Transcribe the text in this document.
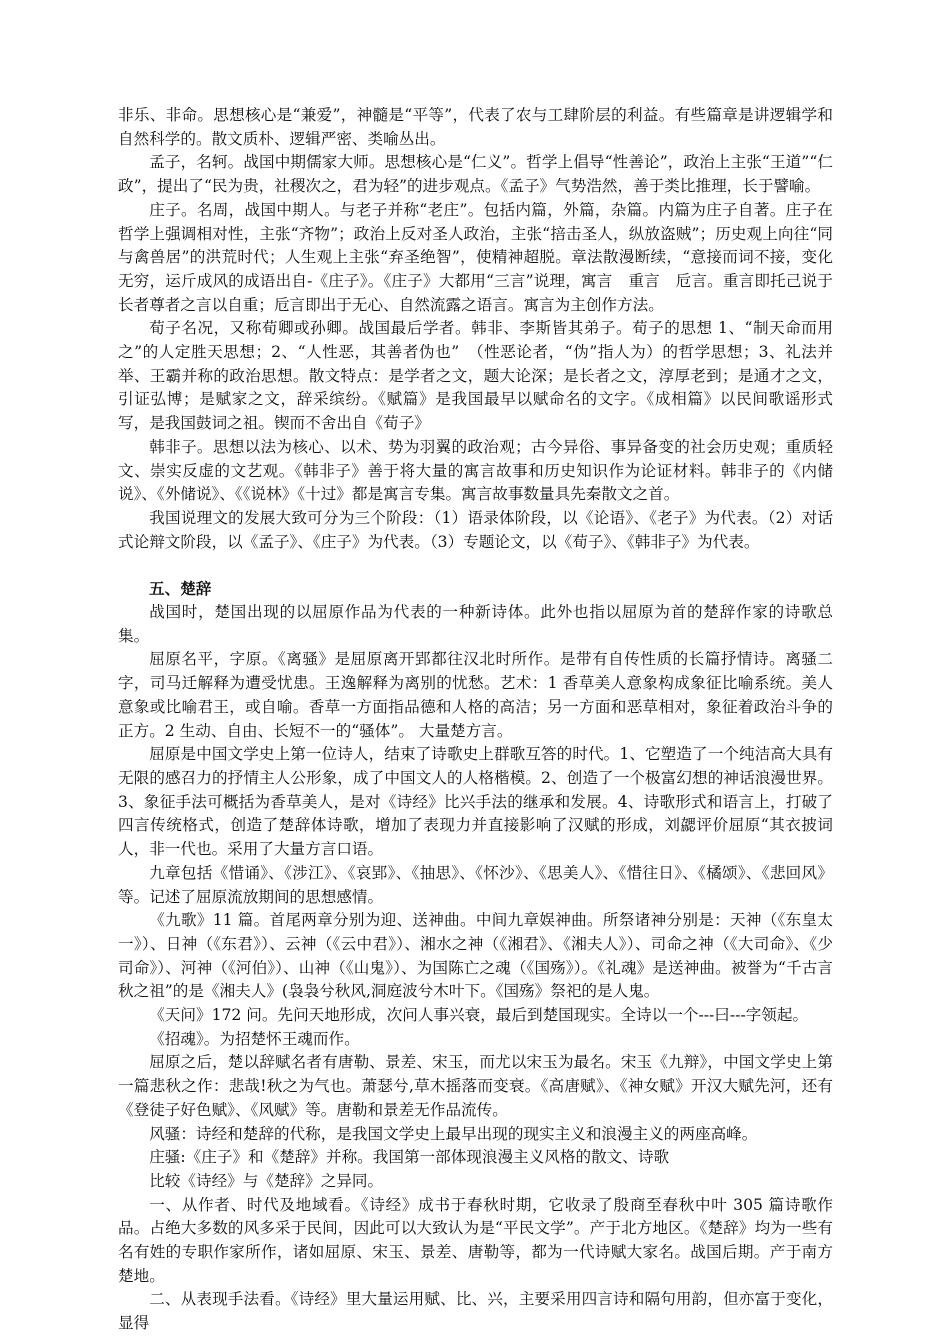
非乐、非命。思想核心是“兼爱”，神髓是“平等”，代表了农与工肆阶层的利益。有些篇章是讲逻辑学和自然科学的。散文质朴、逻辑严密、类喻丛出。

孟子，名轲。战国中期儒家大师。思想核心是“仁义”。哲学上倡导“性善论”，政治上主张“王道”“仁政”，提出了“民为贵，社稷次之，君为轻”的进步观点。《孟子》气势浩然，善于类比推理，长于譬喻。

庄子。名周，战国中期人。与老子并称“老庄”。包括内篇，外篇，杂篇。内篇为庄子自著。庄子在哲学上强调相对性，主张“齐物”；政治上反对圣人政治，主张“掊击圣人，纵放盗贼”；历史观上向往“同与禽兽居”的洪荒时代；人生观上主张“弃圣绝智”，使精神超脱。章法散漫断续，“意接而词不接，变化无穷，运斤成风的成语出自-《庄子》。《庄子》大都用“三言”说理，寓言　重言　卮言。重言即托己说于长者尊者之言以自重；卮言即出于无心、自然流露之语言。寓言为主创作方法。

荀子名况，又称荀卿或孙卿。战国最后学者。韩非、李斯皆其弟子。荀子的思想 1、“制天命而用之”的人定胜天思想；2、“人性恶，其善者伪也”　（性恶论者，“伪”指人为）的哲学思想；3、礼法并举、王霸并称的政治思想。散文特点：是学者之文，题大论深；是长者之文，淳厚老到；是通才之文，引证弘博；是赋家之文，辞采缤纷。《赋篇》是我国最早以赋命名的文字。《成相篇》以民间歌谣形式写，是我国鼓词之祖。锲而不舍出自《荀子》

韩非子。思想以法为核心、以术、势为羽翼的政治观；古今异俗、事异备变的社会历史观；重质轻文、崇实反虚的文艺观。《韩非子》善于将大量的寓言故事和历史知识作为论证材料。韩非子的《内储说》、《外储说》、《《说林》《十过》都是寓言专集。寓言故事数量具先秦散文之首。

我国说理文的发展大致可分为三个阶段：（1）语录体阶段，以《论语》、《老子》为代表。（2）对话式论辩文阶段，以《孟子》、《庄子》为代表。（3）专题论文，以《荀子》、《韩非子》为代表。

五、楚辞

战国时，楚国出现的以屈原作品为代表的一种新诗体。此外也指以屈原为首的楚辞作家的诗歌总集。

屈原名平，字原。《离骚》是屈原离开郢都往汉北时所作。是带有自传性质的长篇抒情诗。离骚二字，司马迁解释为遭受忧患。王逸解释为离别的忧愁。艺术：1 香草美人意象构成象征比喻系统。美人意象或比喻君王，或自喻。香草一方面指品德和人格的高洁；另一方面和恶草相对，象征着政治斗争的正方。2 生动、自由、长短不一的“骚体”。 大量楚方言。

屈原是中国文学史上第一位诗人，结束了诗歌史上群歌互答的时代。1、它塑造了一个纯洁高大具有无限的感召力的抒情主人公形象，成了中国文人的人格楷模。2、创造了一个极富幻想的神话浪漫世界。3、象征手法可概括为香草美人，是对《诗经》比兴手法的继承和发展。4、诗歌形式和语言上，打破了四言传统格式，创造了楚辞体诗歌，增加了表现力并直接影响了汉赋的形成，刘勰评价屈原“其衣披词人，非一代也。采用了大量方言口语。

九章包括《惜诵》、《涉江》、《哀郢》、《抽思》、《怀沙》、《思美人》、《惜往日》、《橘颂》、《悲回风》等。记述了屈原流放期间的思想感情。

《九歌》11 篇。首尾两章分别为迎、送神曲。中间九章娱神曲。所祭诸神分别是：天神（《东皇太一》）、日神（《东君》）、云神（《云中君》）、湘水之神（《湘君》、《湘夫人》）、司命之神（《大司命》、《少司命》）、河神（《河伯》）、山神（《山鬼》）、为国陈亡之魂（《国殇》）。《礼魂》是送神曲。被誉为“千古言秋之祖”的是《湘夫人》(袅袅兮秋风,洞庭波兮木叶下。《国殇》祭祀的是人鬼。

《天问》172 问。先问天地形成，次问人事兴衰，最后到楚国现实。全诗以一个---曰---字领起。

《招魂》。为招楚怀王魂而作。

屈原之后，楚以辞赋名者有唐勒、景差、宋玉，而尤以宋玉为最名。宋玉《九辩》，中国文学史上第一篇悲秋之作：悲哉!秋之为气也。萧瑟兮,草木摇落而变衰。《高唐赋》、《神女赋》开汉大赋先河，还有《登徒子好色赋》、《风赋》等。唐勒和景差无作品流传。

风骚：诗经和楚辞的代称，是我国文学史上最早出现的现实主义和浪漫主义的两座高峰。

庄骚:《庄子》和《楚辞》并称。我国第一部体现浪漫主义风格的散文、诗歌

比较《诗经》与《楚辞》之异同。

一、从作者、时代及地域看。《诗经》成书于春秋时期，它收录了殷商至春秋中叶 305 篇诗歌作品。占绝大多数的风多采于民间，因此可以大致认为是“平民文学”。产于北方地区。《楚辞》均为一些有名有姓的专职作家所作，诸如屈原、宋玉、景差、唐勒等，都为一代诗赋大家名。战国后期。产于南方楚地。

二、从表现手法看。《诗经》里大量运用赋、比、兴，主要采用四言诗和隔句用韵，但亦富于变化，显得
